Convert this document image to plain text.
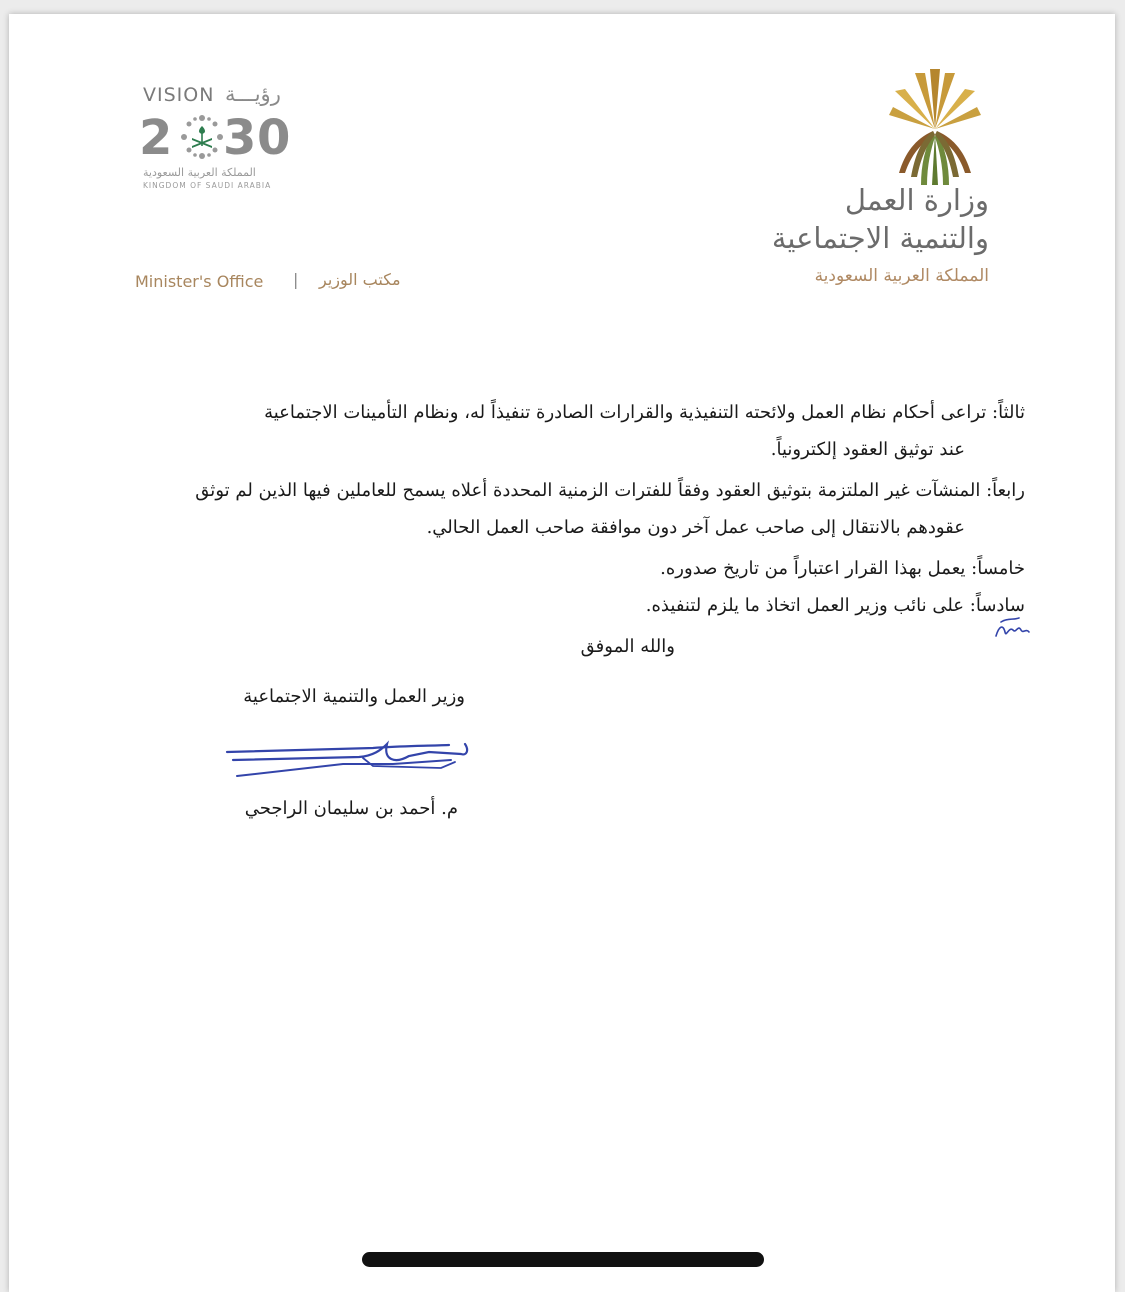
VISION رؤيـــة
2 3 0
المملكة العربية السعودية
KINGDOM OF SAUDI ARABIA	وزارة العمل
والتنمية الاجتماعية
المملكة العربية السعودية
Minister's Office | مكتب الوزير
ثالثاً: تراعى أحكام نظام العمل ولائحته التنفيذية والقرارات الصادرة تنفيذاً له، ونظام التأمينات الاجتماعية
عند توثيق العقود إلكترونياً.
رابعاً: المنشآت غير الملتزمة بتوثيق العقود وفقاً للفترات الزمنية المحددة أعلاه يسمح للعاملين فيها الذين لم توثق
عقودهم بالانتقال إلى صاحب عمل آخر دون موافقة صاحب العمل الحالي.
خامساً: يعمل بهذا القرار اعتباراً من تاريخ صدوره.
سادساً: على نائب وزير العمل اتخاذ ما يلزم لتنفيذه.
والله الموفق
وزير العمل والتنمية الاجتماعية
م. أحمد بن سليمان الراجحي
